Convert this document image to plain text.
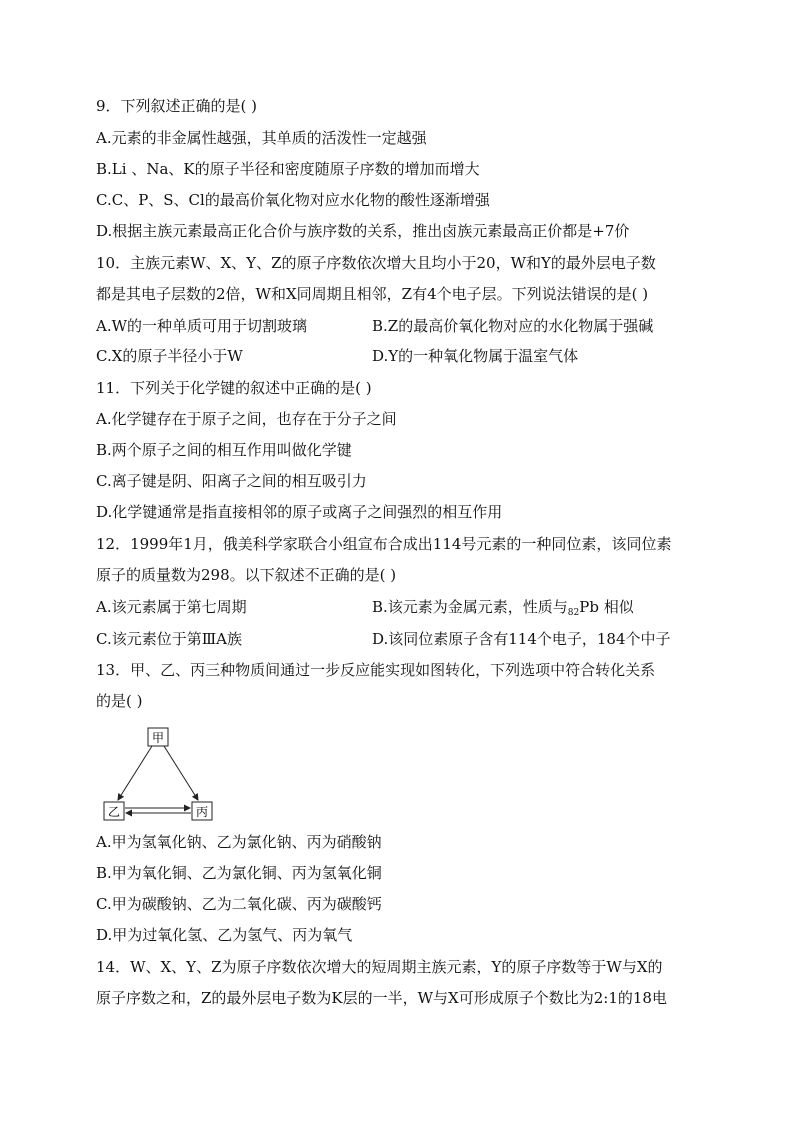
9．下列叙述正确的是( )
A.元素的非金属性越强，其单质的活泼性一定越强
B.Li 、Na、K的原子半径和密度随原子序数的增加而增大
C.C、P、S、Cl的最高价氧化物对应水化物的酸性逐渐增强
D.根据主族元素最高正化合价与族序数的关系，推出卤族元素最高正价都是+7价
10．主族元素W、X、Y、Z的原子序数依次增大且均小于20，W和Y的最外层电子数
都是其电子层数的2倍，W和X同周期且相邻，Z有4个电子层。下列说法错误的是( )
A.W的一种单质可用于切割玻璃	B.Z的最高价氧化物对应的水化物属于强碱
C.X的原子半径小于W	D.Y的一种氧化物属于温室气体
11．下列关于化学键的叙述中正确的是( )
A.化学键存在于原子之间，也存在于分子之间
B.两个原子之间的相互作用叫做化学键
C.离子键是阴、阳离子之间的相互吸引力
D.化学键通常是指直接相邻的原子或离子之间强烈的相互作用
12．1999年1月，俄美科学家联合小组宣布合成出114号元素的一种同位素，该同位素
原子的质量数为298。以下叙述不正确的是( )
A.该元素属于第七周期	B.该元素为金属元素，性质与$_{82}$Pb 相似
C.该元素位于第ⅢA族	D.该同位素原子含有114个电子，184个中子
13．甲、乙、丙三种物质间通过一步反应能实现如图转化，下列选项中符合转化关系
的是( )
甲
乙	丙
A.甲为氢氧化钠、乙为氯化钠、丙为硝酸钠
B.甲为氧化铜、乙为氯化铜、丙为氢氧化铜
C.甲为碳酸钠、乙为二氧化碳、丙为碳酸钙
D.甲为过氧化氢、乙为氢气、丙为氧气
14．W、X、Y、Z为原子序数依次增大的短周期主族元素，Y的原子序数等于W与X的
原子序数之和，Z的最外层电子数为K层的一半，W与X可形成原子个数比为2:1的18电
